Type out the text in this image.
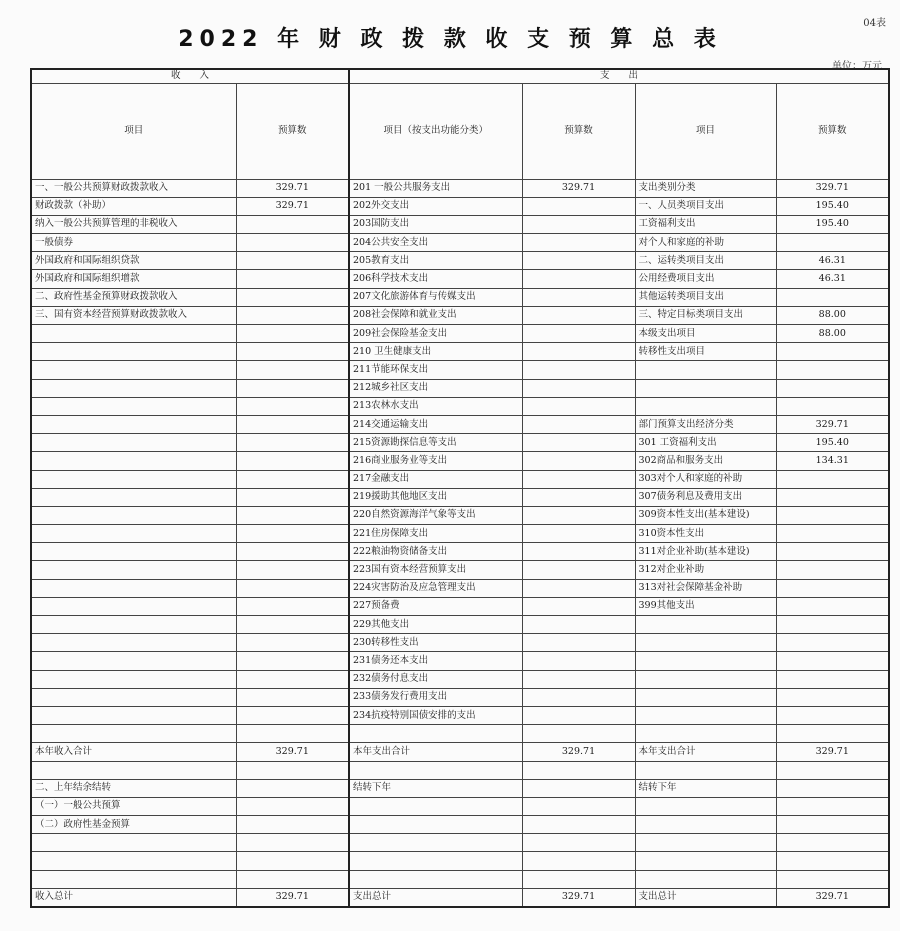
04表
2022 年 财 政 拨 款 收 支 预 算 总 表
单位：万元
收　　入		支　　出			
项目	预算数	项目（按支出功能分类）	预算数	项目	预算数
一、一般公共预算财政拨款收入	329.71	201 一般公共服务支出	329.71	支出类别分类	329.71
财政拨款（补助）	329.71	202外交支出		一、人员类项目支出	195.40
纳入一般公共预算管理的非税收入		203国防支出		工资福利支出	195.40
一般债券		204公共安全支出		对个人和家庭的补助	
外国政府和国际组织贷款		205教育支出		二、运转类项目支出	46.31
外国政府和国际组织增款		206科学技术支出		公用经费项目支出	46.31
二、政府性基金预算财政拨款收入		207文化旅游体育与传媒支出		其他运转类项目支出	
三、国有资本经营预算财政拨款收入		208社会保障和就业支出		三、特定目标类项目支出	88.00
		209社会保险基金支出		本级支出项目	88.00
		210 卫生健康支出		转移性支出项目	
		211节能环保支出			
		212城乡社区支出			
		213农林水支出			
		214交通运输支出		部门预算支出经济分类	329.71
		215资源勘探信息等支出		301 工资福利支出	195.40
		216商业服务业等支出		302商品和服务支出	134.31
		217金融支出		303对个人和家庭的补助	
		219援助其他地区支出		307债务利息及费用支出	
		220自然资源海洋气象等支出		309资本性支出(基本建设)	
		221住房保障支出		310资本性支出	
		222粮油物资储备支出		311对企业补助(基本建设)	
		223国有资本经营预算支出		312对企业补助	
		224灾害防治及应急管理支出		313对社会保障基金补助	
		227预备费		399其他支出	
		229其他支出			
		230转移性支出			
		231债务还本支出			
		232债务付息支出			
		233债务发行费用支出			
		234抗疫特别国债安排的支出			

本年收入合计	329.71	本年支出合计	329.71	本年支出合计	329.71

二、上年结余结转		结转下年		结转下年	
（一）一般公共预算					
（二）政府性基金预算					

收入总计	329.71	支出总计	329.71	支出总计	329.71
